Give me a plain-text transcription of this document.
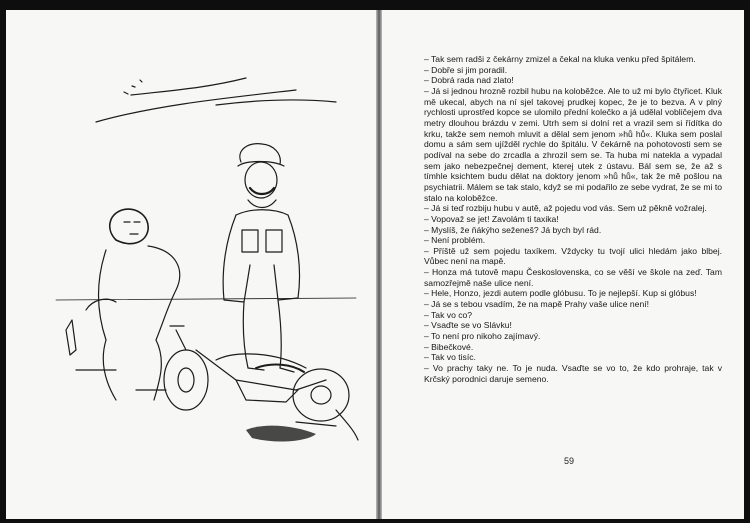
– Tak sem radši z čekárny zmizel a čekal na kluka venku před špitálem.

– Dobře si jim poradil.

– Dobrá rada nad zlato!

– Já si jednou hrozně rozbil hubu na koloběžce. Ale to už mi bylo čtyřicet. Kluk mě ukecal, abych na ní sjel takovej prudkej kopec, že je to bezva. A v plný rychlosti uprostřed kopce se ulomilo přední kolečko a já udělal vobličejem dva metry dlouhou brázdu v zemi. Utrh sem si dolní ret a vrazil sem si řídítka do krku, takže sem nemoh mluvit a dělal sem jenom »hů hů«. Kluka sem poslal domu a sám sem ujížděl rychle do špitálu. V čekárně na pohotovosti sem se podíval na sebe do zrcadla a zhrozil sem se. Ta huba mi natekla a vypadal sem jako nebezpečnej dement, kterej utek z ústavu. Bál sem se, že až s tímhle ksichtem budu dělat na doktory jenom »hů hů«, tak že mě pošlou na psychiatrii. Málem se tak stalo, když se mi podařilo ze sebe vydrat, že se mi to stalo na koloběžce.

– Já si teď rozbiju hubu v autě, až pojedu vod vás. Sem už pěkně vožralej.

– Vopovaž se jet! Zavolám ti taxika!

– Myslíš, že ňákýho seženeš? Já bych byl rád.

– Není problém.

– Příště už sem pojedu taxíkem. Vždycky tu tvojí ulici hledám jako blbej. Vůbec není na mapě.

– Honza má tutově mapu Československa, co se věší ve škole na zeď. Tam samozřejmě naše ulice není.

– Hele, Honzo, jezdi autem podle glóbusu. To je nejlepší. Kup si glóbus!

– Já se s tebou vsadím, že na mapě Prahy vaše ulice není!

– Tak vo co?

– Vsaďte se vo Slávku!

– To není pro nikoho zajímavý.

– Bibečkové.

– Tak vo tisíc.

– Vo prachy taky ne. To je nuda. Vsaďte se vo to, že kdo prohraje, tak v Krčský porodnici daruje semeno.

59
